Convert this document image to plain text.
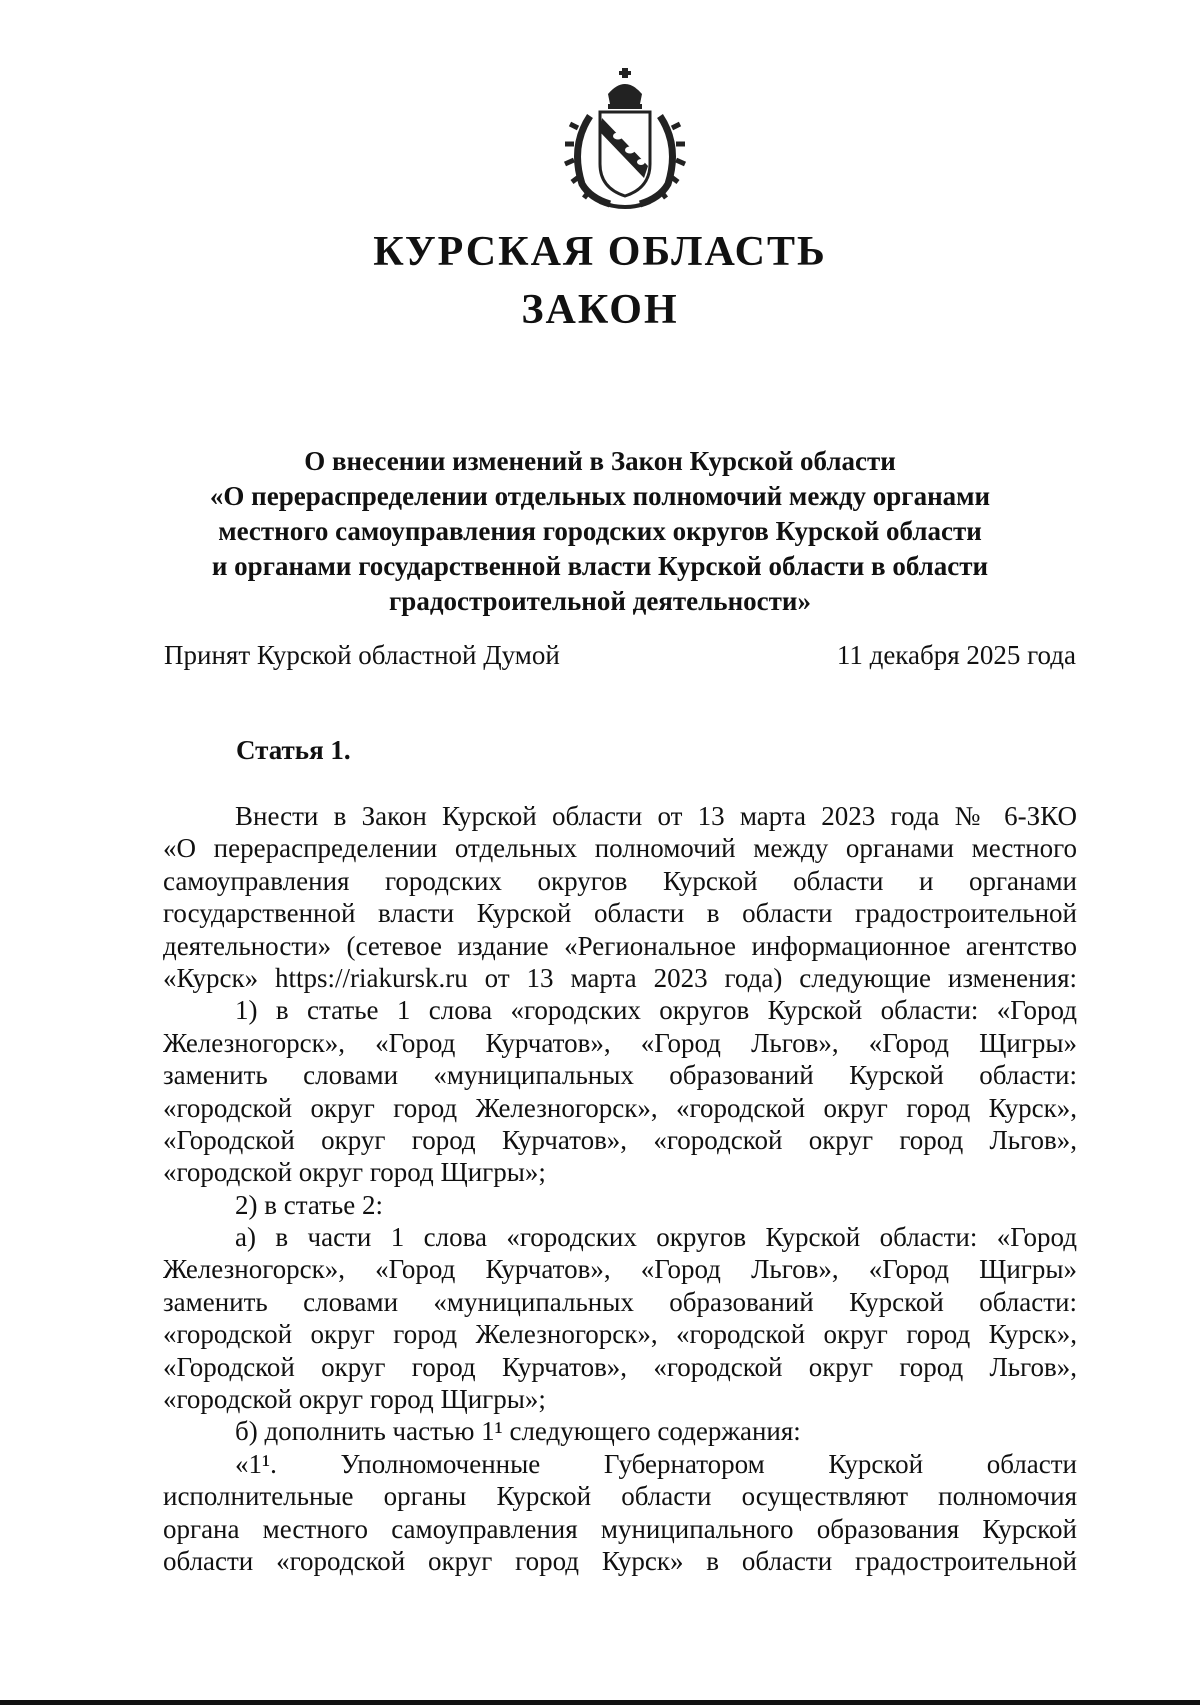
КУРСКАЯ ОБЛАСТЬ
ЗАКОН
О внесении изменений в Закон Курской области
«О перераспределении отдельных полномочий между органами
местного самоуправления городских округов Курской области
и органами государственной власти Курской области в области
градостроительной деятельности»
Принят Курской областной Думой	11 декабря 2025 года
Статья 1.
Внести в Закон Курской области от 13 марта 2023 года № 6-ЗКО
«О перераспределении отдельных полномочий между органами местного
самоуправления городских округов Курской области и органами
государственной власти Курской области в области градостроительной
деятельности» (сетевое издание «Региональное информационное агентство
«Курск» https://riakursk.ru от 13 марта 2023 года) следующие изменения:
1) в статье 1 слова «городских округов Курской области: «Город
Железногорск», «Город Курчатов», «Город Льгов», «Город Щигры»
заменить словами «муниципальных образований Курской области:
«городской округ город Железногорск», «городской округ город Курск»,
«Городской округ город Курчатов», «городской округ город Льгов»,
«городской округ город Щигры»;
2) в статье 2:
а) в части 1 слова «городских округов Курской области: «Город
Железногорск», «Город Курчатов», «Город Льгов», «Город Щигры»
заменить словами «муниципальных образований Курской области:
«городской округ город Железногорск», «городской округ город Курск»,
«Городской округ город Курчатов», «городской округ город Льгов»,
«городской округ город Щигры»;
б) дополнить частью 1¹ следующего содержания:
«1¹. Уполномоченные Губернатором Курской области
исполнительные органы Курской области осуществляют полномочия
органа местного самоуправления муниципального образования Курской
области «городской округ город Курск» в области градостроительной
